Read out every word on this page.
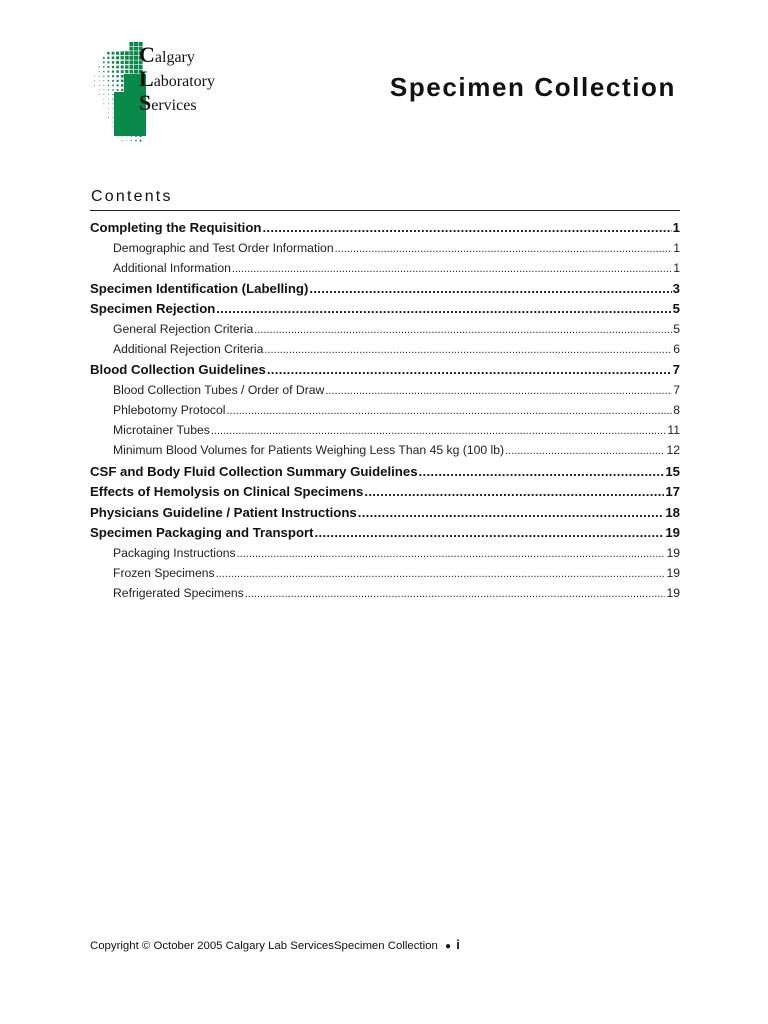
Calgary
Laboratory
Services
Specimen Collection
Contents
Completing the Requisition .....	1
Demographic and Test Order Information .....	1
Additional Information .....	1
Specimen Identification (Labelling) .....	3
Specimen Rejection .....	5
General Rejection Criteria .....	5
Additional Rejection Criteria .....	6
Blood Collection Guidelines .....	7
Blood Collection Tubes / Order of Draw .....	7
Phlebotomy Protocol .....	8
Microtainer Tubes .....	11
Minimum Blood Volumes for Patients Weighing Less Than 45 kg (100 lb) .....	12
CSF and Body Fluid Collection Summary Guidelines .....	15
Effects of Hemolysis on Clinical Specimens .....	17
Physicians Guideline / Patient Instructions .....	18
Specimen Packaging and Transport .....	19
Packaging Instructions .....	19
Frozen Specimens .....	19
Refrigerated Specimens .....	19
Copyright © October 2005 Calgary Lab ServicesSpecimen Collection ● i
